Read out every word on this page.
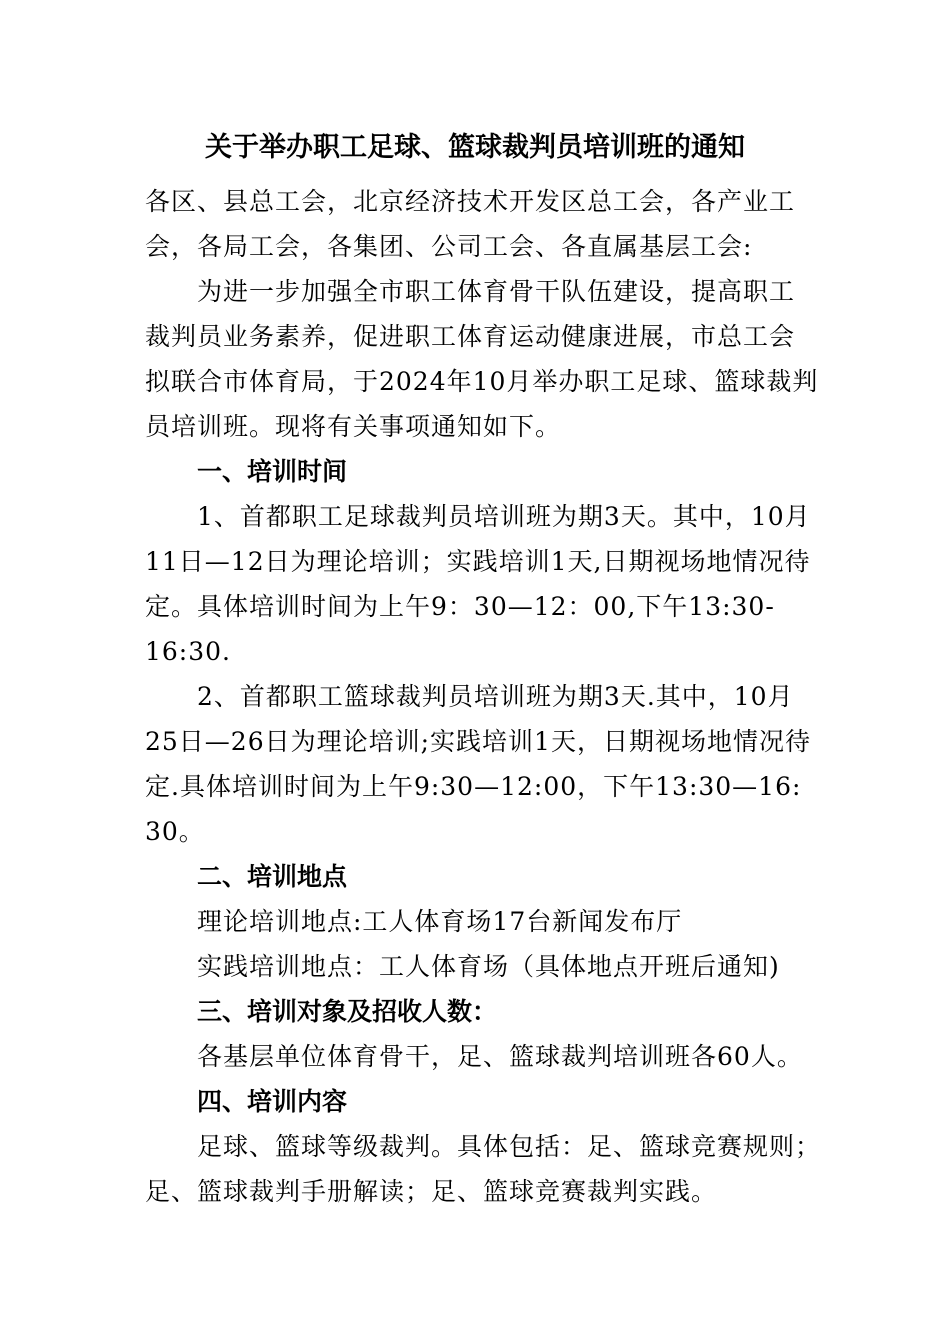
关于举办职工足球、篮球裁判员培训班的通知
各区、县总工会，北京经济技术开发区总工会，各产业工
会，各局工会，各集团、公司工会、各直属基层工会:
为进一步加强全市职工体育骨干队伍建设，提高职工
裁判员业务素养，促进职工体育运动健康进展，市总工会
拟联合市体育局，于2024年10月举办职工足球、篮球裁判
员培训班。现将有关事项通知如下。
一、培训时间
1、首都职工足球裁判员培训班为期3天。其中，10月
11日—12日为理论培训；实践培训1天,日期视场地情况待
定。具体培训时间为上午9：30—12：00,下午13:30-
16:30.
2、首都职工篮球裁判员培训班为期3天.其中，10月
25日—26日为理论培训;实践培训1天，日期视场地情况待
定.具体培训时间为上午9:30—12:00，下午13:30—16:
30。
二、培训地点
理论培训地点:工人体育场17台新闻发布厅
实践培训地点：工人体育场（具体地点开班后通知)
三、培训对象及招收人数：
各基层单位体育骨干，足、篮球裁判培训班各60人。
四、培训内容
足球、篮球等级裁判。具体包括：足、篮球竞赛规则；
足、篮球裁判手册解读；足、篮球竞赛裁判实践。
